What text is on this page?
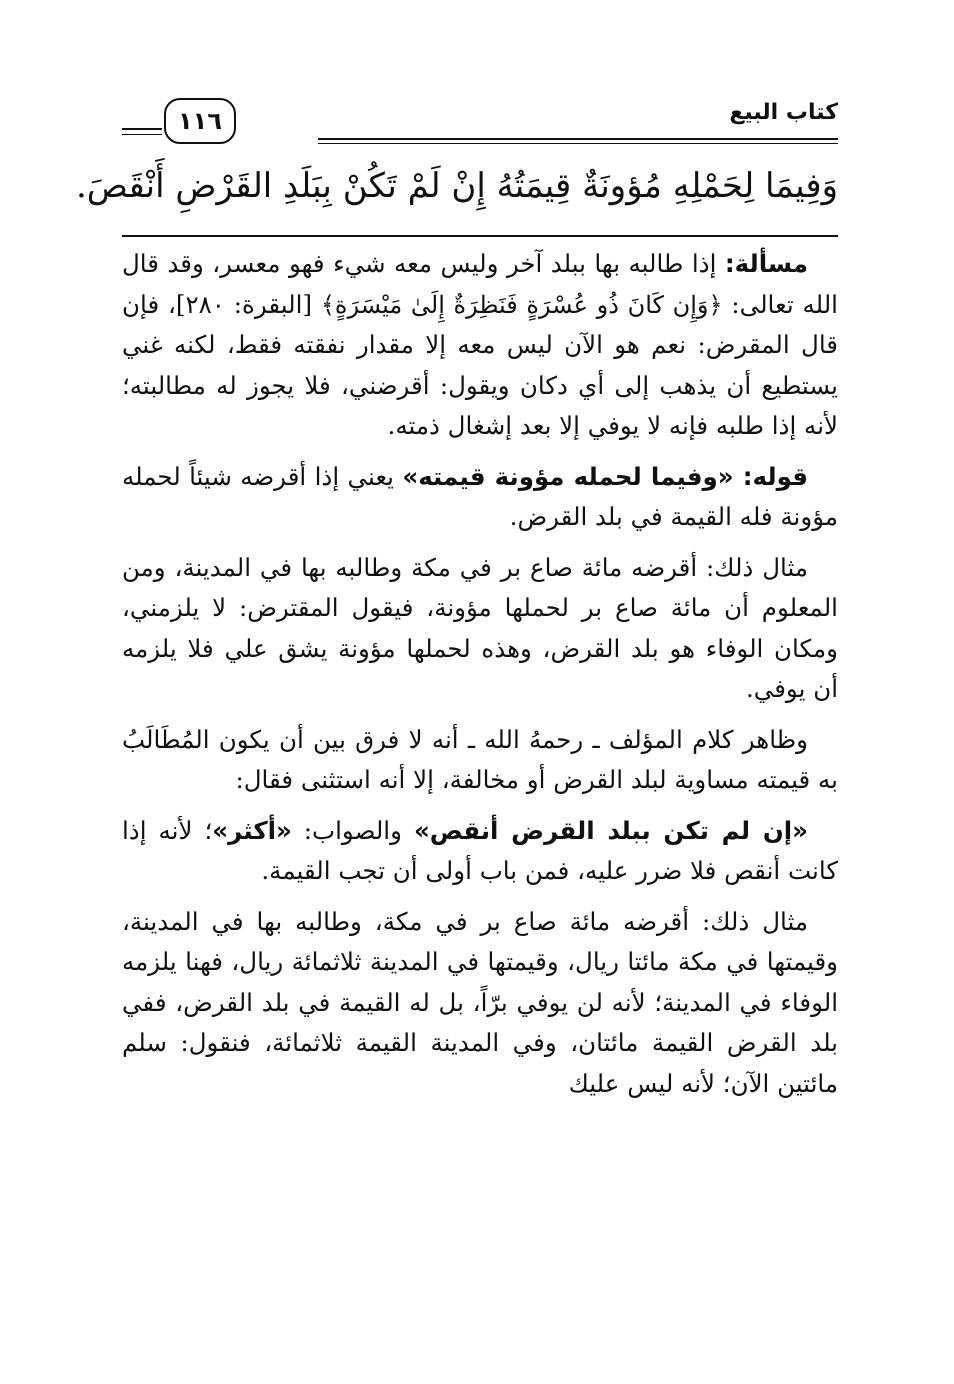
كتاب البيع
١١٦
وَفِيمَا لِحَمْلِهِ مُؤونَةٌ قِيمَتُهُ إِنْ لَمْ تَكُنْ بِبَلَدِ القَرْضِ أَنْقَصَ.

مسألة: إذا طالبه بها ببلد آخر وليس معه شيء فهو معسر، وقد قال الله تعالى: ﴿وَإِن كَانَ ذُو عُسْرَةٍ فَنَظِرَةٌ إِلَىٰ مَيْسَرَةٍ﴾ [البقرة: ٢٨٠]، فإن قال المقرض: نعم هو الآن ليس معه إلا مقدار نفقته فقط، لكنه غني يستطيع أن يذهب إلى أي دكان ويقول: أقرضني، فلا يجوز له مطالبته؛ لأنه إذا طلبه فإنه لا يوفي إلا بعد إشغال ذمته.

قوله: «وفيما لحمله مؤونة قيمته» يعني إذا أقرضه شيئاً لحمله مؤونة فله القيمة في بلد القرض.

مثال ذلك: أقرضه مائة صاع بر في مكة وطالبه بها في المدينة، ومن المعلوم أن مائة صاع بر لحملها مؤونة، فيقول المقترض: لا يلزمني، ومكان الوفاء هو بلد القرض، وهذه لحملها مؤونة يشق علي فلا يلزمه أن يوفي.

وظاهر كلام المؤلف ـ رحمهُ الله ـ أنه لا فرق بين أن يكون المُطَالَبُ به قيمته مساوية لبلد القرض أو مخالفة، إلا أنه استثنى فقال:

«إن لم تكن ببلد القرض أنقص» والصواب: «أكثر»؛ لأنه إذا كانت أنقص فلا ضرر عليه، فمن باب أولى أن تجب القيمة.

مثال ذلك: أقرضه مائة صاع بر في مكة، وطالبه بها في المدينة، وقيمتها في مكة مائتا ريال، وقيمتها في المدينة ثلاثمائة ريال، فهنا يلزمه الوفاء في المدينة؛ لأنه لن يوفي برّاً، بل له القيمة في بلد القرض، ففي بلد القرض القيمة مائتان، وفي المدينة القيمة ثلاثمائة، فنقول: سلم مائتين الآن؛ لأنه ليس عليك
